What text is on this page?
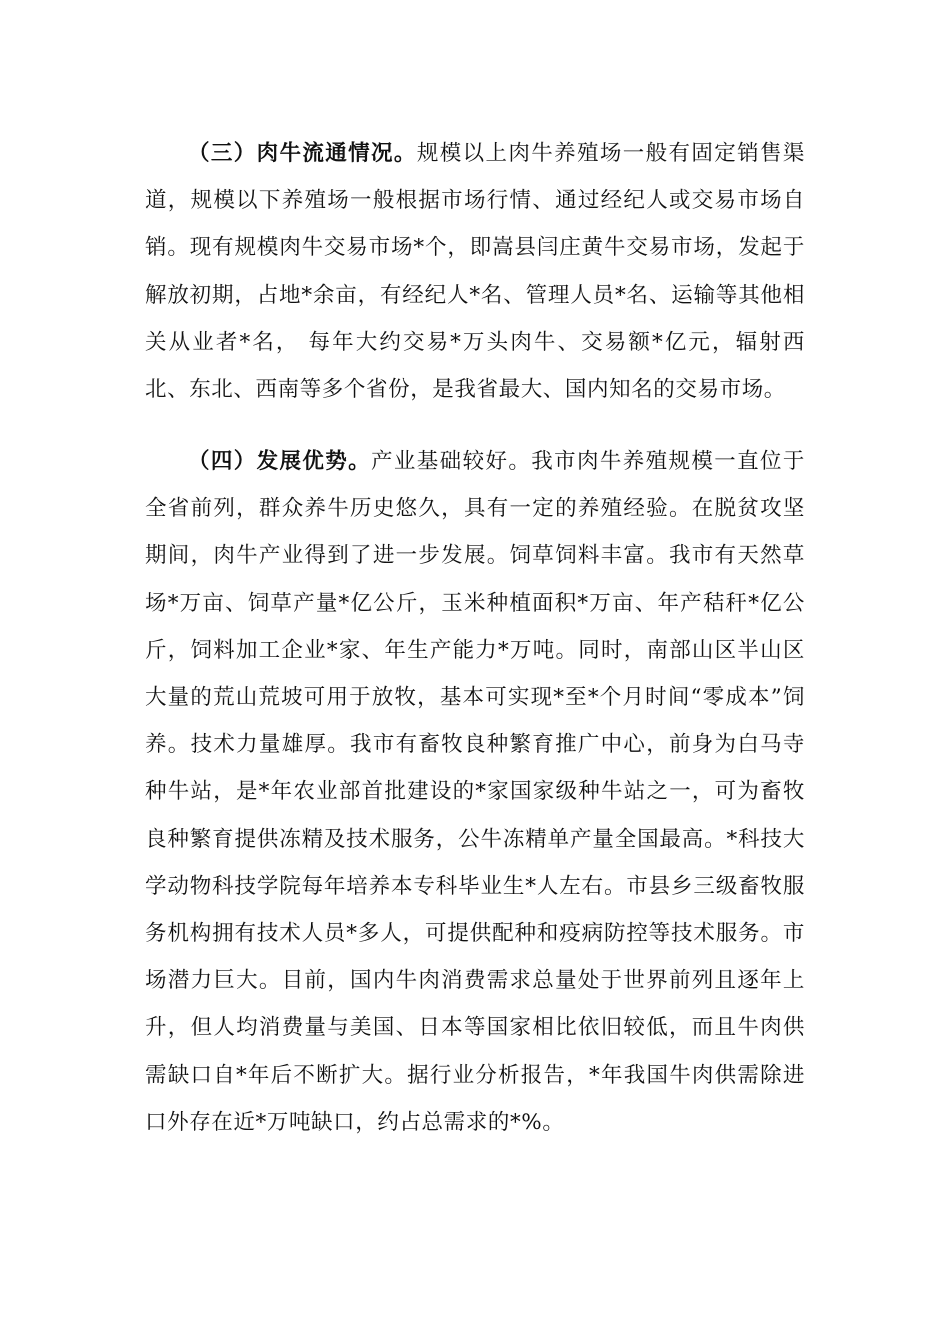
（三）肉牛流通情况。规模以上肉牛养殖场一般有固定销售渠道，规模以下养殖场一般根据市场行情、通过经纪人或交易市场自销。现有规模肉牛交易市场*个，即嵩县闫庄黄牛交易市场，发起于解放初期，占地*余亩，有经纪人*名、管理人员*名、运输等其他相关从业者*名， 每年大约交易*万头肉牛、交易额*亿元，辐射西北、东北、西南等多个省份，是我省最大、国内知名的交易市场。

（四）发展优势。产业基础较好。我市肉牛养殖规模一直位于全省前列，群众养牛历史悠久，具有一定的养殖经验。在脱贫攻坚期间，肉牛产业得到了进一步发展。饲草饲料丰富。我市有天然草场*万亩、饲草产量*亿公斤，玉米种植面积*万亩、年产秸秆*亿公斤，饲料加工企业*家、年生产能力*万吨。同时，南部山区半山区大量的荒山荒坡可用于放牧，基本可实现*至*个月时间“零成本”饲养。技术力量雄厚。我市有畜牧良种繁育推广中心，前身为白马寺种牛站，是*年农业部首批建设的*家国家级种牛站之一，可为畜牧良种繁育提供冻精及技术服务，公牛冻精单产量全国最高。*科技大学动物科技学院每年培养本专科毕业生*人左右。市县乡三级畜牧服务机构拥有技术人员*多人，可提供配种和疫病防控等技术服务。市场潜力巨大。目前，国内牛肉消费需求总量处于世界前列且逐年上升，但人均消费量与美国、日本等国家相比依旧较低，而且牛肉供需缺口自*年后不断扩大。据行业分析报告，*年我国牛肉供需除进口外存在近*万吨缺口，约占总需求的*%。
